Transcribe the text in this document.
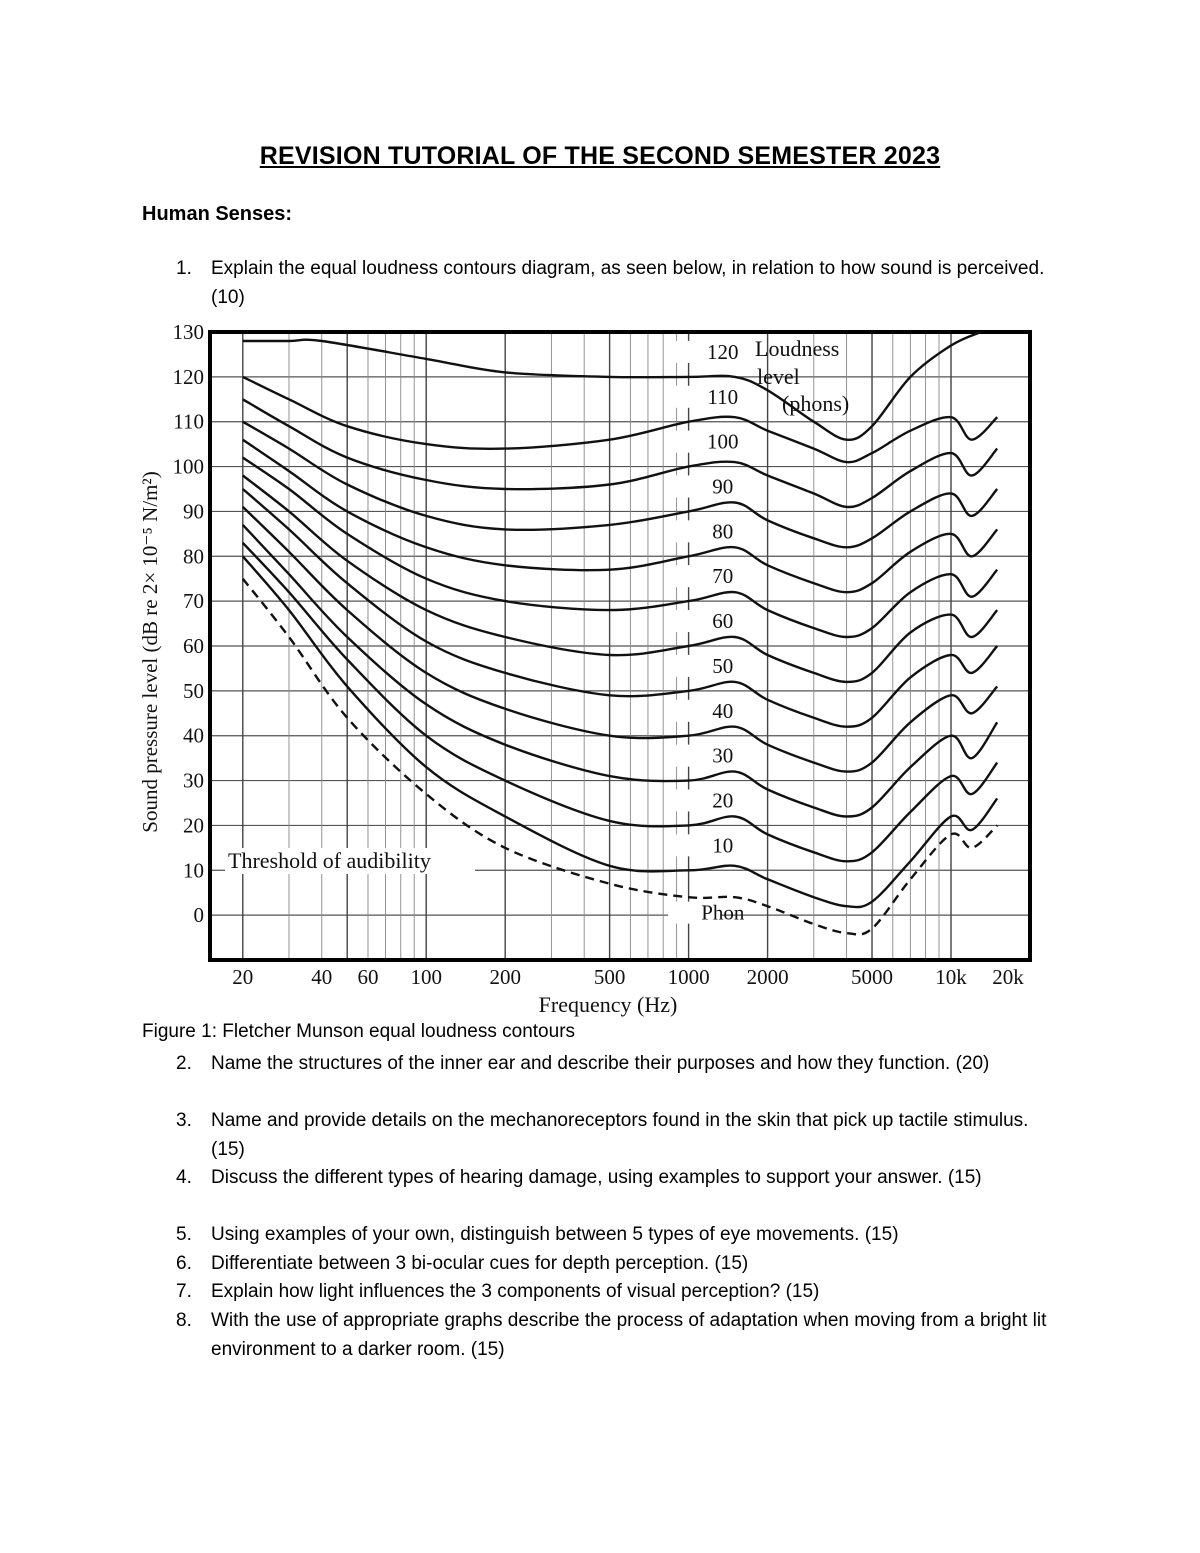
REVISION TUTORIAL OF THE SECOND SEMESTER 2023
Human Senses:
1. Explain the equal loudness contours diagram, as seen below, in relation to how sound is perceived. (10)
0
10
20
30
40
50
60
70
80
90
100
110
120
130
20	40 60 100 200	500 1000 2000	5000 10k 20k
Phon
10
20
30
40
50
60
70
80
90
100
110
120
Frequency (Hz)
Sound pressure level (dB re 2× 10⁻⁵ N/m²)
Loudness
level
(phons)
Threshold of audibility
Figure 1: Fletcher Munson equal loudness contours
2. Name the structures of the inner ear and describe their purposes and how they function. (20)
3. Name and provide details on the mechanoreceptors found in the skin that pick up tactile stimulus. (15)
4. Discuss the different types of hearing damage, using examples to support your answer. (15)
5. Using examples of your own, distinguish between 5 types of eye movements. (15)
6. Differentiate between 3 bi-ocular cues for depth perception. (15)
7. Explain how light influences the 3 components of visual perception? (15)
8. With the use of appropriate graphs describe the process of adaptation when moving from a bright lit environment to a darker room. (15)
